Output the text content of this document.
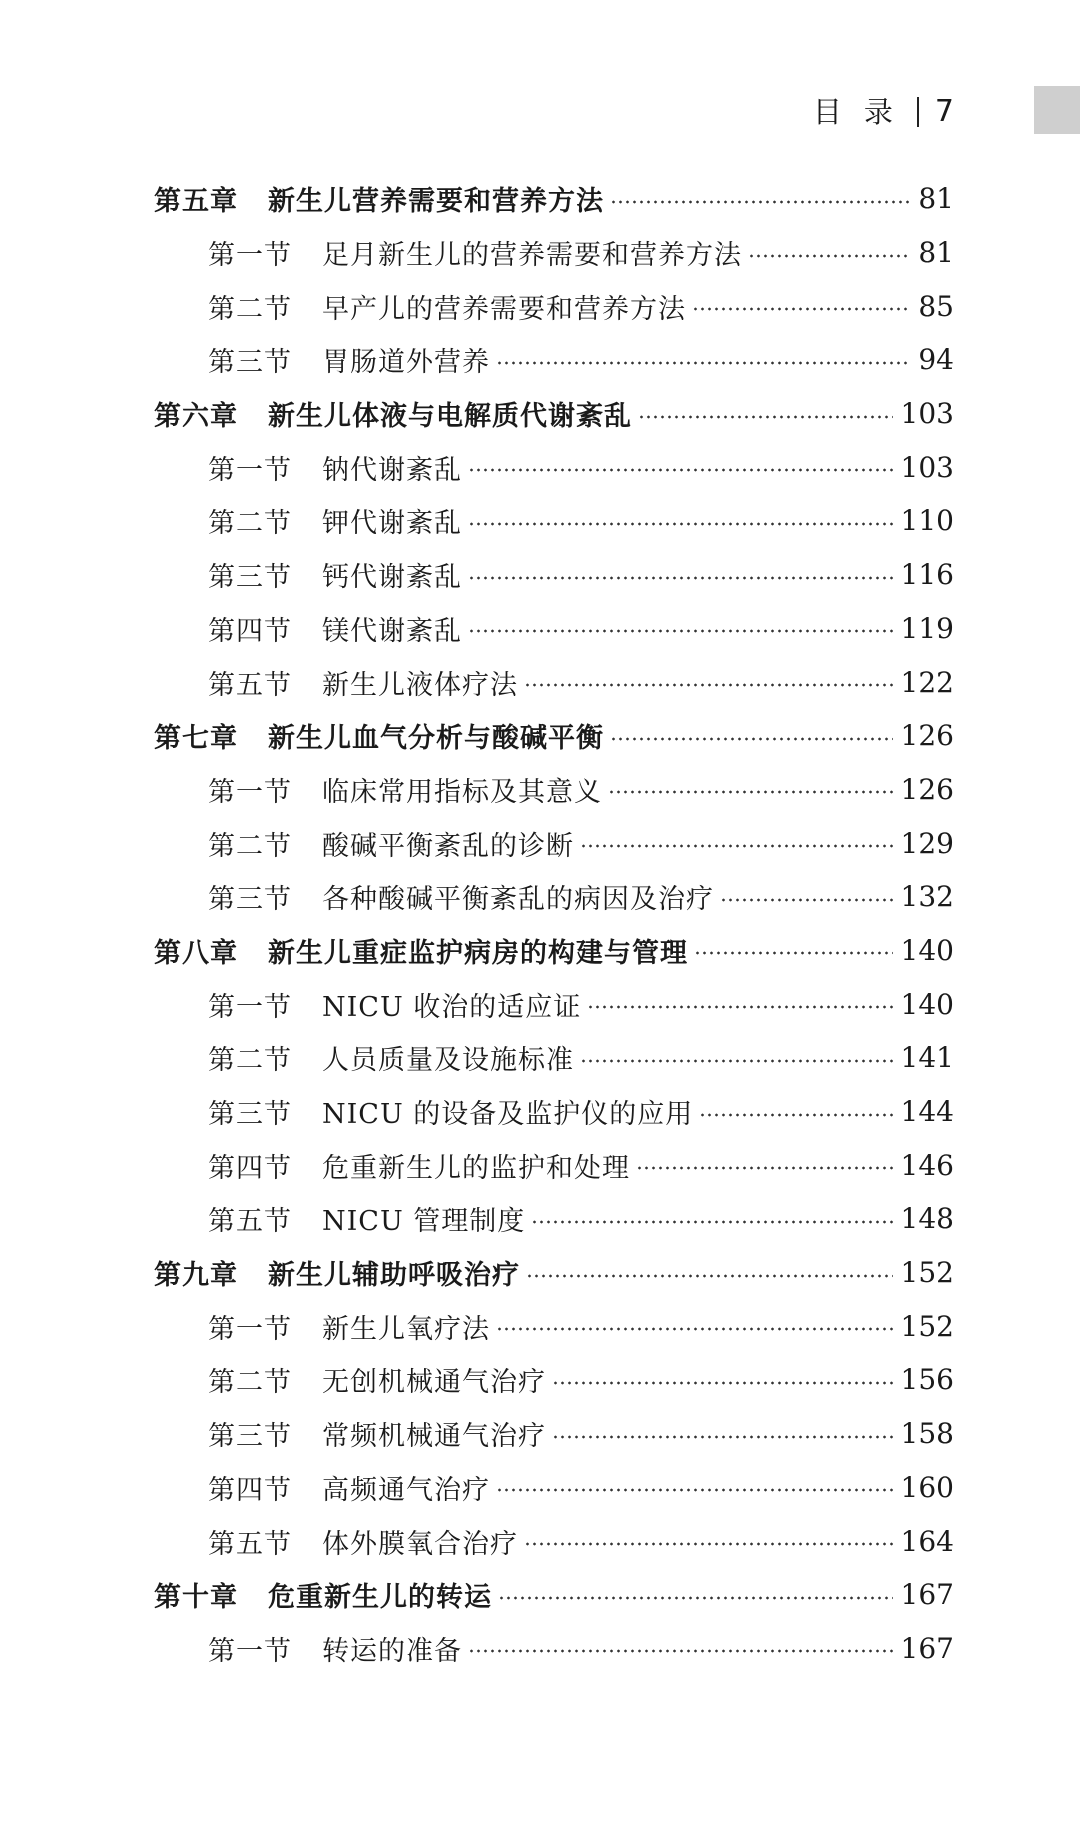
目录 7
第五章	新生儿营养需要和营养方法	81
第一节	足月新生儿的营养需要和营养方法	81
第二节	早产儿的营养需要和营养方法	85
第三节	胃肠道外营养	94
第六章	新生儿体液与电解质代谢紊乱	103
第一节	钠代谢紊乱	103
第二节	钾代谢紊乱	110
第三节	钙代谢紊乱	116
第四节	镁代谢紊乱	119
第五节	新生儿液体疗法	122
第七章	新生儿血气分析与酸碱平衡	126
第一节	临床常用指标及其意义	126
第二节	酸碱平衡紊乱的诊断	129
第三节	各种酸碱平衡紊乱的病因及治疗	132
第八章	新生儿重症监护病房的构建与管理	140
第一节	NICU 收治的适应证	140
第二节	人员质量及设施标准	141
第三节	NICU 的设备及监护仪的应用	144
第四节	危重新生儿的监护和处理	146
第五节	NICU 管理制度	148
第九章	新生儿辅助呼吸治疗	152
第一节	新生儿氧疗法	152
第二节	无创机械通气治疗	156
第三节	常频机械通气治疗	158
第四节	高频通气治疗	160
第五节	体外膜氧合治疗	164
第十章	危重新生儿的转运	167
第一节	转运的准备	167
